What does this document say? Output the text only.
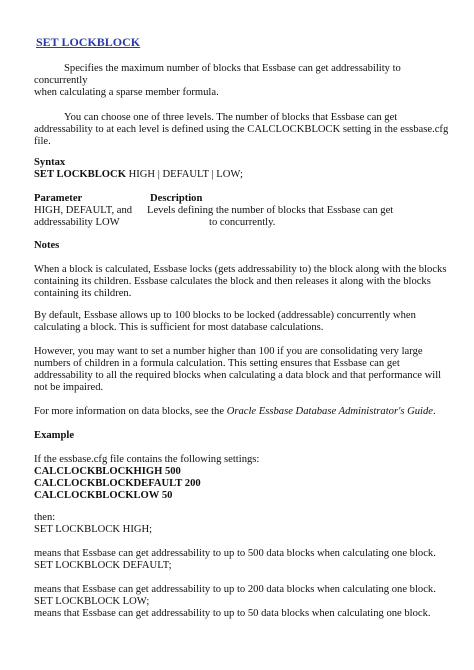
SET LOCKBLOCK
Specifies the maximum number of blocks that Essbase can get addressability to
concurrently
when calculating a sparse member formula.
You can choose one of three levels. The number of blocks that Essbase can get
addressability to at each level is defined using the CALCLOCKBLOCK setting in the essbase.cfg
file.
Syntax
SET LOCKBLOCK HIGH | DEFAULT | LOW;
Parameter	Description
HIGH, DEFAULT, and Levels defining the number of blocks that Essbase can get
addressability LOW	to concurrently.
Notes
When a block is calculated, Essbase locks (gets addressability to) the block along with the blocks
containing its children. Essbase calculates the block and then releases it along with the blocks
containing its children.
By default, Essbase allows up to 100 blocks to be locked (addressable) concurrently when
calculating a block. This is sufficient for most database calculations.
However, you may want to set a number higher than 100 if you are consolidating very large
numbers of children in a formula calculation. This setting ensures that Essbase can get
addressability to all the required blocks when calculating a data block and that performance will
not be impaired.
For more information on data blocks, see the Oracle Essbase Database Administrator's Guide.
Example
If the essbase.cfg file contains the following settings:
CALCLOCKBLOCKHIGH 500
CALCLOCKBLOCKDEFAULT 200
CALCLOCKBLOCKLOW 50
then:
SET LOCKBLOCK HIGH;
means that Essbase can get addressability to up to 500 data blocks when calculating one block.
SET LOCKBLOCK DEFAULT;
means that Essbase can get addressability to up to 200 data blocks when calculating one block.
SET LOCKBLOCK LOW;
means that Essbase can get addressability to up to 50 data blocks when calculating one block.
